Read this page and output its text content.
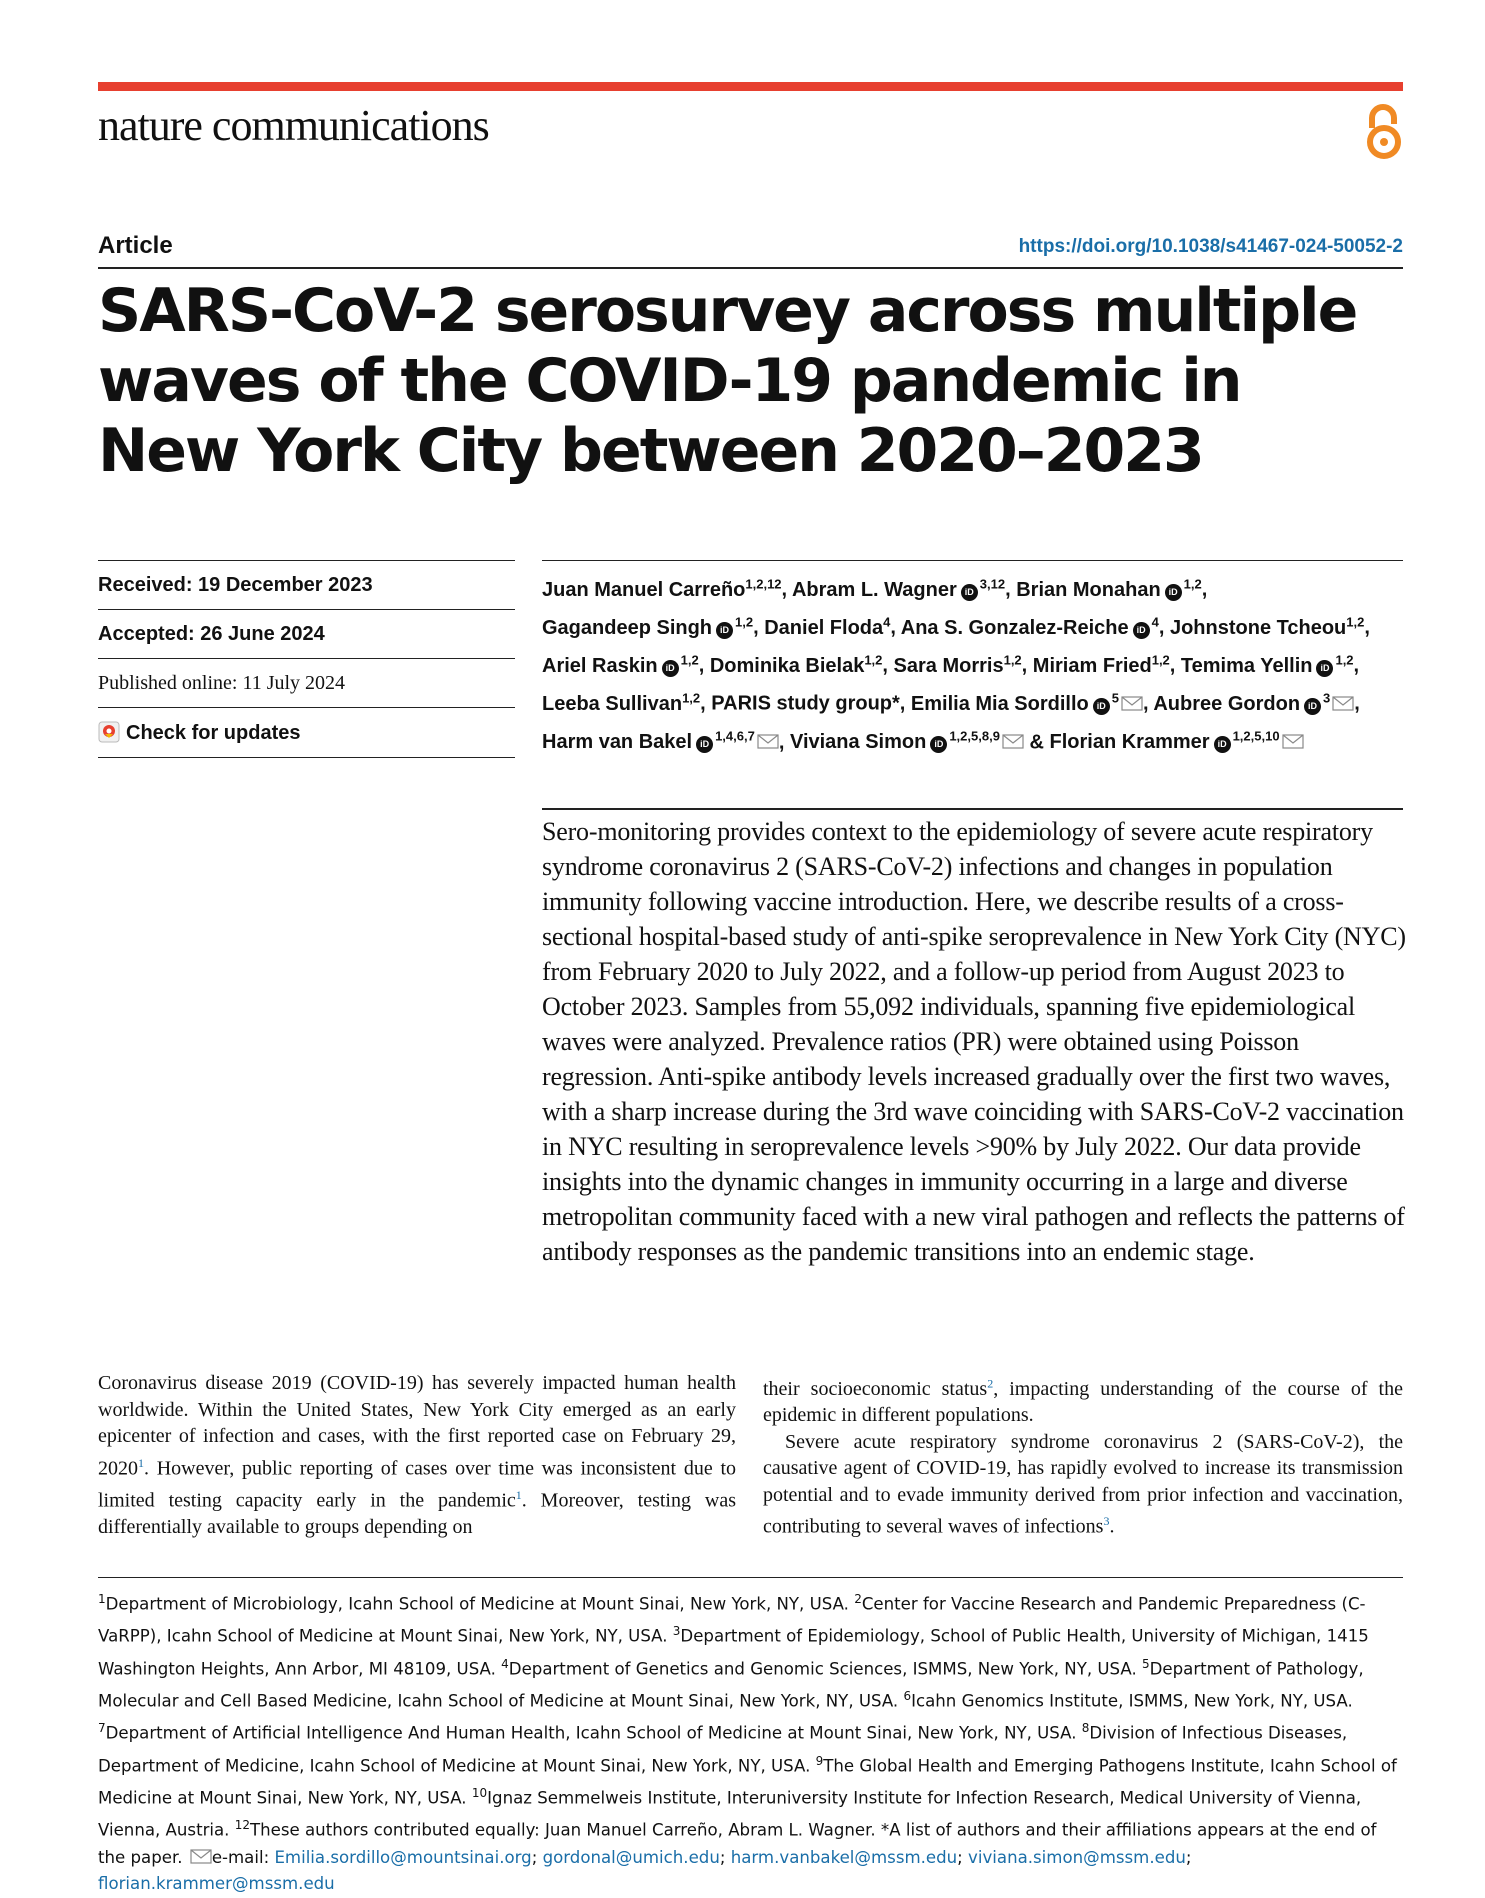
nature communications
Article	https://doi.org/10.1038/s41467-024-50052-2
SARS-CoV-2 serosurvey across multiple waves of the COVID-19 pandemic in New York City between 2020–2023
Received: 19 December 2023
Accepted: 26 June 2024
Published online: 11 July 2024
Check for updates
Juan Manuel Carreño$^{1,2,12}$, Abram L. Wagner iD$^{3,12}$, Brian Monahan iD$^{1,2}$, Gagandeep Singh iD$^{1,2}$, Daniel Floda$^4$, Ana S. Gonzalez-Reiche $iD^4$, Johnstone Tcheou$^{1,2}$, Ariel Raskin iD$^{1,2}$, Dominika Bielak$^{1,2}$, Sara Morris$^{1,2}$, Miriam Fried$^{1,2}$, Temima Yellin iD$^{1,2}$, Leeba Sullivan$^{1,2}$, PARIS study group*, Emilia Mia Sordillo $iD^5$ , Aubree Gordon $iD^3$ , Harm van Bakel iD$^{1,4,6,7}$ , Viviana Simon iD$^{1,2,5,8,9}$ & Florian Krammer iD$^{1,2,5,10}$

Sero-monitoring provides context to the epidemiology of severe acute respiratory syndrome coronavirus 2 (SARS-CoV-2) infections and changes in population immunity following vaccine introduction. Here, we describe results of a cross-sectional hospital-based study of anti-spike seroprevalence in New York City (NYC) from February 2020 to July 2022, and a follow-up period from August 2023 to October 2023. Samples from 55,092 individuals, spanning five epidemiological waves were analyzed. Prevalence ratios (PR) were obtained using Poisson regression. Anti-spike antibody levels increased gradually over the first two waves, with a sharp increase during the 3rd wave coinciding with SARS-CoV-2 vaccination in NYC resulting in seroprevalence levels >90% by July 2022. Our data provide insights into the dynamic changes in immunity occurring in a large and diverse metropolitan community faced with a new viral pathogen and reflects the patterns of antibody responses as the pandemic transitions into an endemic stage.

Coronavirus disease 2019 (COVID-19) has severely impacted human health worldwide. Within the United States, New York City emerged as an early epicenter of infection and cases, with the first reported case on February 29, 2020$^1$. However, public reporting of cases over time was inconsistent due to limited testing capacity early in the pandemic$^1$. Moreover, testing was differentially available to groups depending on

their socioeconomic status$^2$, impacting understanding of the course of the epidemic in different populations.
Severe acute respiratory syndrome coronavirus 2 (SARS-CoV-2), the causative agent of COVID-19, has rapidly evolved to increase its transmission potential and to evade immunity derived from prior infection and vaccination, contributing to several waves of infections$^3$.

$^1$Department of Microbiology, Icahn School of Medicine at Mount Sinai, New York, NY, USA. $^2$Center for Vaccine Research and Pandemic Preparedness (C-VaRPP), Icahn School of Medicine at Mount Sinai, New York, NY, USA. $^3$Department of Epidemiology, School of Public Health, University of Michigan, 1415 Washington Heights, Ann Arbor, MI 48109, USA. $^4$Department of Genetics and Genomic Sciences, ISMMS, New York, NY, USA. $^5$Department of Pathology, Molecular and Cell Based Medicine, Icahn School of Medicine at Mount Sinai, New York, NY, USA. $^6$Icahn Genomics Institute, ISMMS, New York, NY, USA. $^7$Department of Artificial Intelligence And Human Health, Icahn School of Medicine at Mount Sinai, New York, NY, USA. $^8$Division of Infectious Diseases, Department of Medicine, Icahn School of Medicine at Mount Sinai, New York, NY, USA. $^9$The Global Health and Emerging Pathogens Institute, Icahn School of Medicine at Mount Sinai, New York, NY, USA. $^{10}$Ignaz Semmelweis Institute, Interuniversity Institute for Infection Research, Medical University of Vienna, Vienna, Austria. $^{12}$These authors contributed equally: Juan Manuel Carreño, Abram L. Wagner. *A list of authors and their affiliations appears at the end of the paper. e-mail: Emilia.sordillo@mountsinai.org; gordonal@umich.edu; harm.vanbakel@mssm.edu; viviana.simon@mssm.edu; florian.krammer@mssm.edu
